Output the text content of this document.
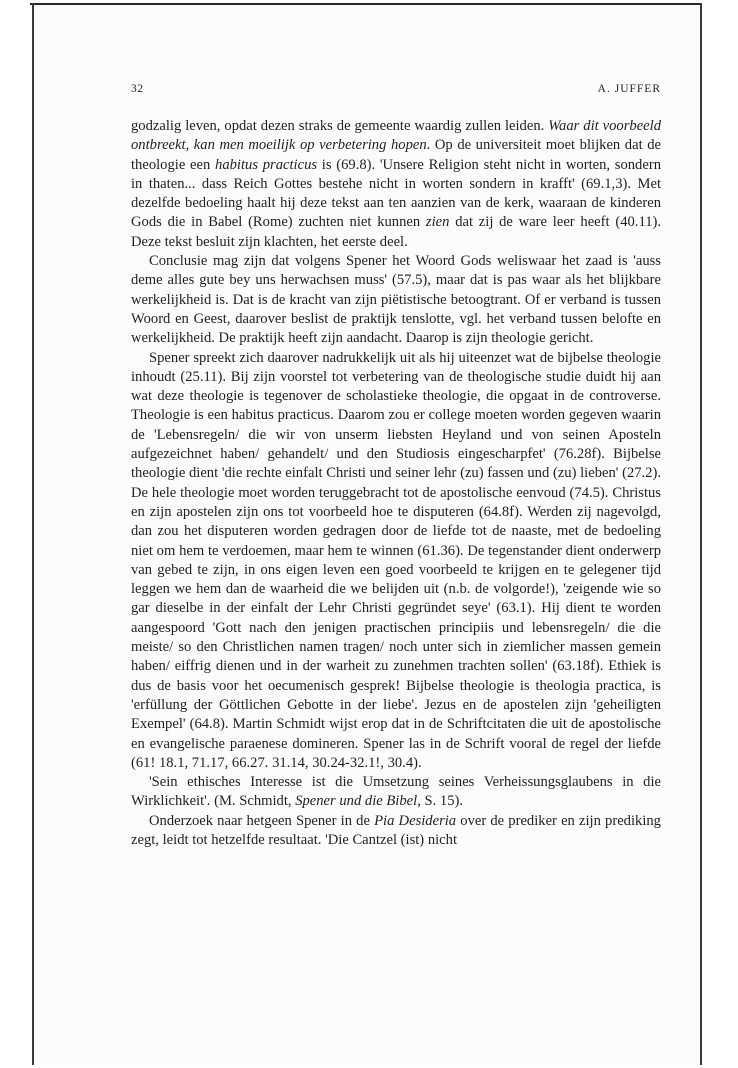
32	A. JUFFER

godzalig leven, opdat dezen straks de gemeente waardig zullen leiden. Waar dit voorbeeld ontbreekt, kan men moeilijk op verbetering hopen. Op de universiteit moet blijken dat de theologie een habitus practicus is (69.8). 'Unsere Religion steht nicht in worten, sondern in thaten... dass Reich Gottes bestehe nicht in worten sondern in krafft' (69.1,3). Met dezelfde bedoeling haalt hij deze tekst aan ten aanzien van de kerk, waaraan de kinderen Gods die in Babel (Rome) zuchten niet kunnen zien dat zij de ware leer heeft (40.11). Deze tekst besluit zijn klachten, het eerste deel.

Conclusie mag zijn dat volgens Spener het Woord Gods weliswaar het zaad is 'auss deme alles gute bey uns herwachsen muss' (57.5), maar dat is pas waar als het blijkbare werkelijkheid is. Dat is de kracht van zijn piëtistische betoogtrant. Of er verband is tussen Woord en Geest, daarover beslist de praktijk tenslotte, vgl. het verband tussen belofte en werkelijkheid. De praktijk heeft zijn aandacht. Daarop is zijn theologie gericht.

Spener spreekt zich daarover nadrukkelijk uit als hij uiteenzet wat de bijbelse theologie inhoudt (25.11). Bij zijn voorstel tot verbetering van de theologische studie duidt hij aan wat deze theologie is tegenover de scholastieke theologie, die opgaat in de controverse. Theologie is een habitus practicus. Daarom zou er college moeten worden gegeven waarin de 'Lebensregeln/ die wir von unserm liebsten Heyland und von seinen Aposteln aufgezeichnet haben/ gehandelt/ und den Studiosis eingescharpfet' (76.28f). Bijbelse theologie dient 'die rechte einfalt Christi und seiner lehr (zu) fassen und (zu) lieben' (27.2). De hele theologie moet worden teruggebracht tot de apostolische eenvoud (74.5). Christus en zijn apostelen zijn ons tot voorbeeld hoe te disputeren (64.8f). Werden zij nagevolgd, dan zou het disputeren worden gedragen door de liefde tot de naaste, met de bedoeling niet om hem te verdoemen, maar hem te winnen (61.36). De tegenstander dient onderwerp van gebed te zijn, in ons eigen leven een goed voorbeeld te krijgen en te gelegener tijd leggen we hem dan de waarheid die we belijden uit (n.b. de volgorde!), 'zeigende wie so gar dieselbe in der einfalt der Lehr Christi gegründet seye' (63.1). Hij dient te worden aangespoord 'Gott nach den jenigen practischen principiis und lebensregeln/ die die meiste/ so den Christlichen namen tragen/ noch unter sich in ziemlicher massen gemein haben/ eiffrig dienen und in der warheit zu zunehmen trachten sollen' (63.18f). Ethiek is dus de basis voor het oecumenisch gesprek! Bijbelse theologie is theologia practica, is 'erfüllung der Göttlichen Gebotte in der liebe'. Jezus en de apostelen zijn 'geheiligten Exempel' (64.8). Martin Schmidt wijst erop dat in de Schriftcitaten die uit de apostolische en evangelische paraenese domineren. Spener las in de Schrift vooral de regel der liefde (61! 18.1, 71.17, 66.27. 31.14, 30.24-32.1!, 30.4).

'Sein ethisches Interesse ist die Umsetzung seines Verheissungsglaubens in die Wirklichkeit'. (M. Schmidt, Spener und die Bibel, S. 15).

Onderzoek naar hetgeen Spener in de Pia Desideria over de prediker en zijn prediking zegt, leidt tot hetzelfde resultaat. 'Die Cantzel (ist) nicht
